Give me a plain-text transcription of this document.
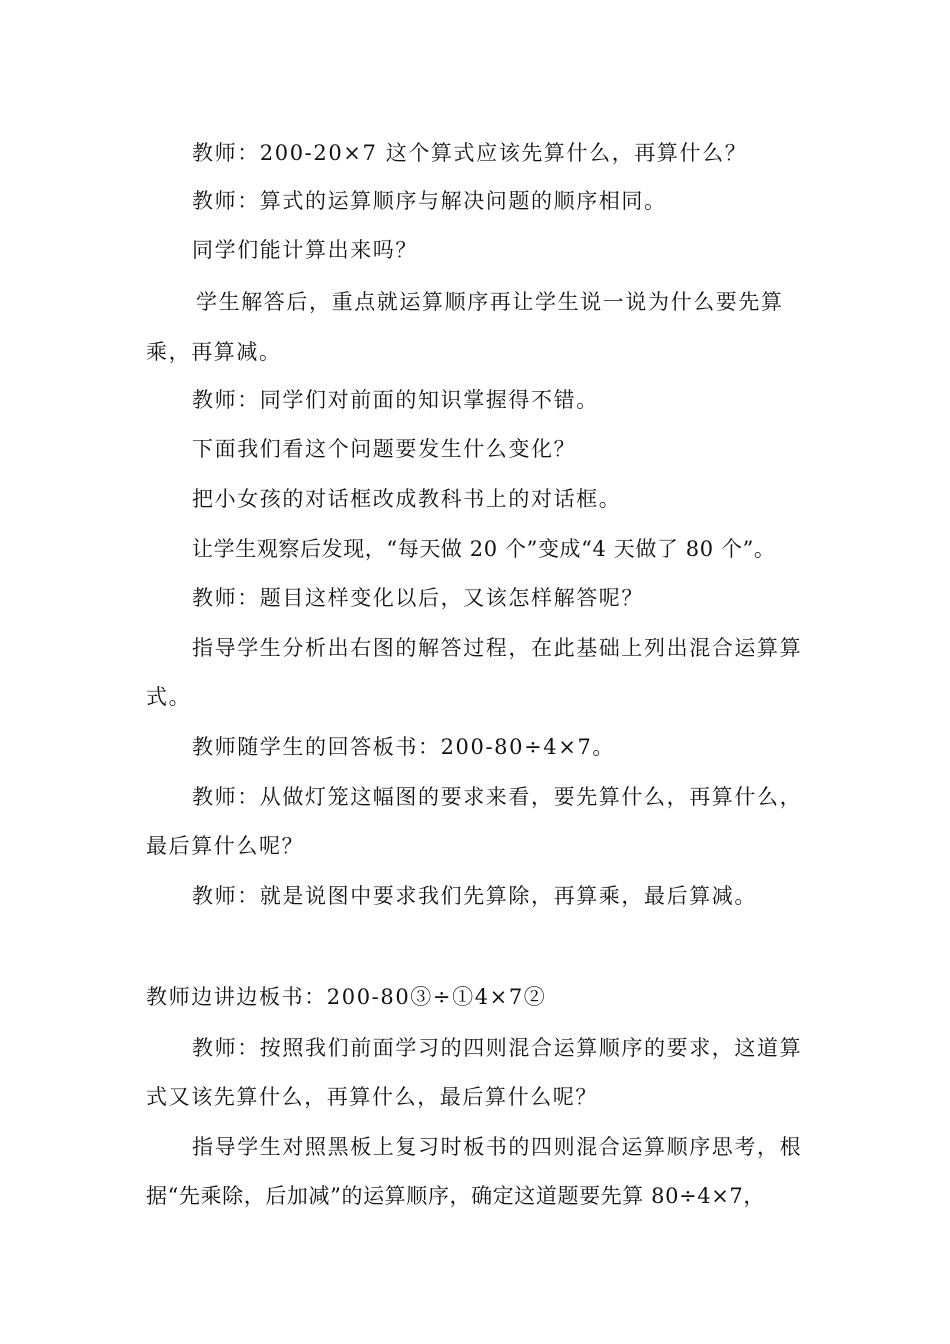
教师：200-20×7 这个算式应该先算什么，再算什么？
教师：算式的运算顺序与解决问题的顺序相同。
同学们能计算出来吗？
学生解答后，重点就运算顺序再让学生说一说为什么要先算
乘，再算减。
教师：同学们对前面的知识掌握得不错。
下面我们看这个问题要发生什么变化？
把小女孩的对话框改成教科书上的对话框。
让学生观察后发现，“每天做 20 个”变成“4 天做了 80 个”。
教师：题目这样变化以后，又该怎样解答呢？
指导学生分析出右图的解答过程，在此基础上列出混合运算算
式。
教师随学生的回答板书：200-80÷4×7。
教师：从做灯笼这幅图的要求来看，要先算什么，再算什么，
最后算什么呢？
教师：就是说图中要求我们先算除，再算乘，最后算减。
教师边讲边板书：200-80③÷①4×7②
教师：按照我们前面学习的四则混合运算顺序的要求，这道算
式又该先算什么，再算什么，最后算什么呢？
指导学生对照黑板上复习时板书的四则混合运算顺序思考，根
据“先乘除，后加减”的运算顺序，确定这道题要先算 80÷4×7，
